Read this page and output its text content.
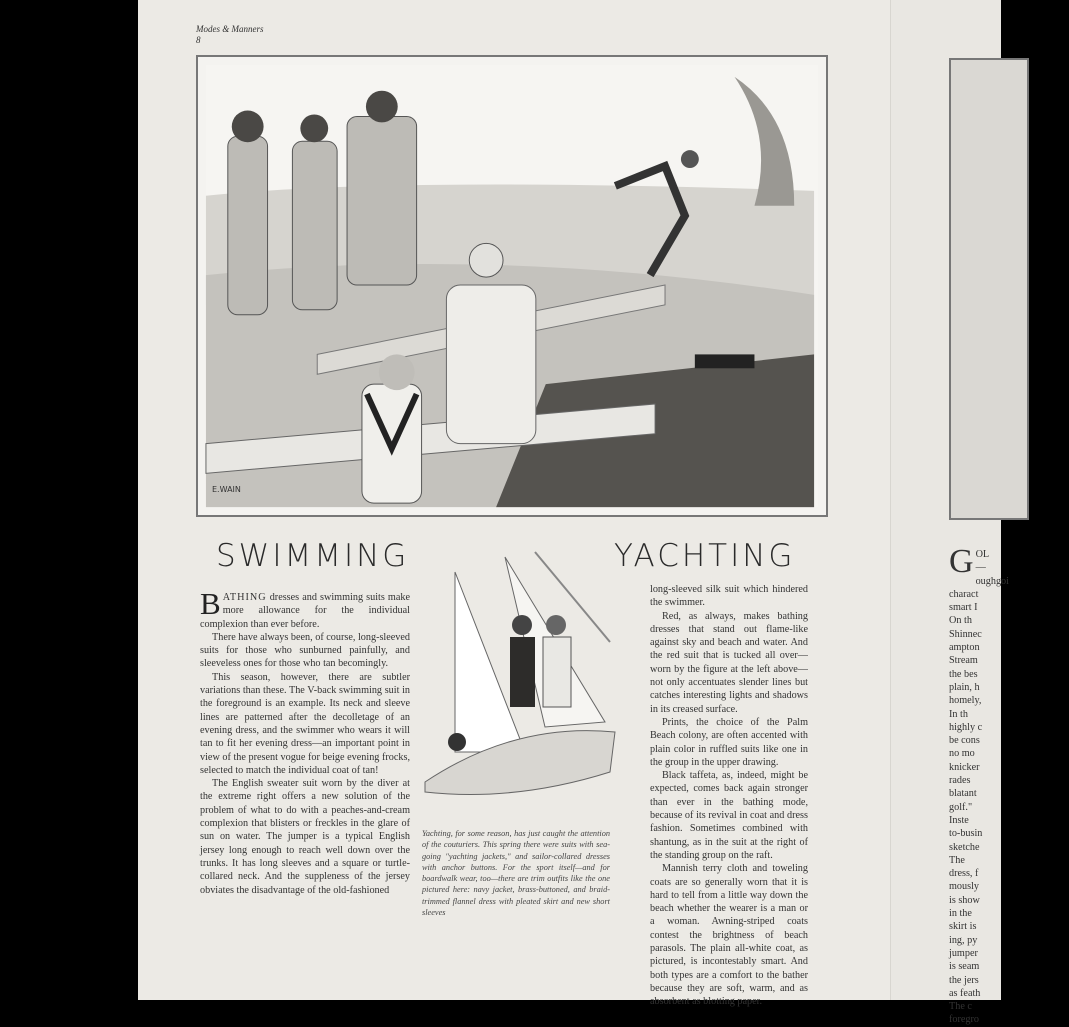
Modes & Manners
8
E.WAIN
SWIMMING	YACHTING

BATHING dresses and swimming suits make more allowance for the individual complexion than ever before.

There have always been, of course, long-sleeved suits for those who sunburned painfully, and sleeveless ones for those who tan becomingly.

This season, however, there are subtler variations than these. The V-back swimming suit in the foreground is an example. Its neck and sleeve lines are patterned after the decolletage of an evening dress, and the swimmer who wears it will tan to fit her evening dress—an important point in view of the present vogue for beige evening frocks, selected to match the individual coat of tan!

The English sweater suit worn by the diver at the extreme right offers a new solution of the problem of what to do with a peaches-and-cream complexion that blisters or freckles in the glare of sun on water. The jumper is a typical English jersey long enough to reach well down over the trunks. It has long sleeves and a square or turtle-collared neck. And the suppleness of the jersey obviates the disadvantage of the old-fashioned

Yachting, for some reason, has just caught the attention of the couturiers. This spring there were suits with sea-going "yachting jackets," and sailor-collared dresses with anchor buttons. For the sport itself—and for boardwalk wear, too—there are trim outfits like the one pictured here: navy jacket, brass-buttoned, and braid-trimmed flannel dress with pleated skirt and new short sleeves

long-sleeved silk suit which hindered the swimmer.

Red, as always, makes bathing dresses that stand out flame-like against sky and beach and water. And the red suit that is tucked all over—worn by the figure at the left above—not only accentuates slender lines but catches interesting lights and shadows in its creased surface.

Prints, the choice of the Palm Beach colony, are often accented with plain color in ruffled suits like one in the group in the upper drawing.

Black taffeta, as, indeed, might be expected, comes back again stronger than ever in the bathing mode, because of its revival in coat and dress fashion. Sometimes combined with shantung, as in the suit at the right of the standing group on the raft.

Mannish terry cloth and toweling coats are so generally worn that it is hard to tell from a little way down the beach whether the wearer is a man or a woman. Awning-striped coats contest the brightness of beach parasols. The plain all-white coat, as pictured, is incontestably smart. And both types are a comfort to the bather because they are soft, warm, and as absorbent as blotting paper.

G OL
—
oughgoi
charact
smart I
On th
Shinnec
ampton
Stream
the bes
plain, h
homely,
In th
highly c
be cons
no mo
knicker
rades
blatant
golf."
Inste
to-busin
sketche
The
dress, f
mously
is show
in the
skirt is
ing, py
jumper
is seam
the jers
as feath
The c
foregro
